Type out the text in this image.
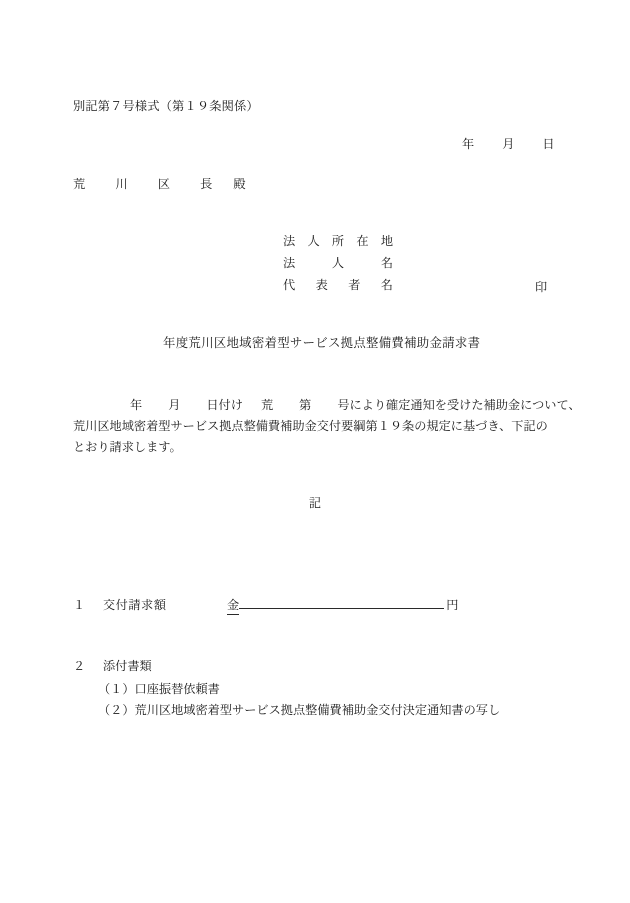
別記第７号様式（第１９条関係）
年 月 日
荒　川　区　長 殿
法 人 所 在 地
法	人	名
代 表 者 名	印
年度荒川区地域密着型サービス拠点整備費補助金請求書
年 月 日付け 荒 第 号により確定通知を受けた補助金について、
荒川区地域密着型サービス拠点整備費補助金交付要綱第１９条の規定に基づき、下記の
とおり請求します。
記
１ 交付請求額	金	円
２ 添付書類
（１）口座振替依頼書
（２）荒川区地域密着型サービス拠点整備費補助金交付決定通知書の写し
